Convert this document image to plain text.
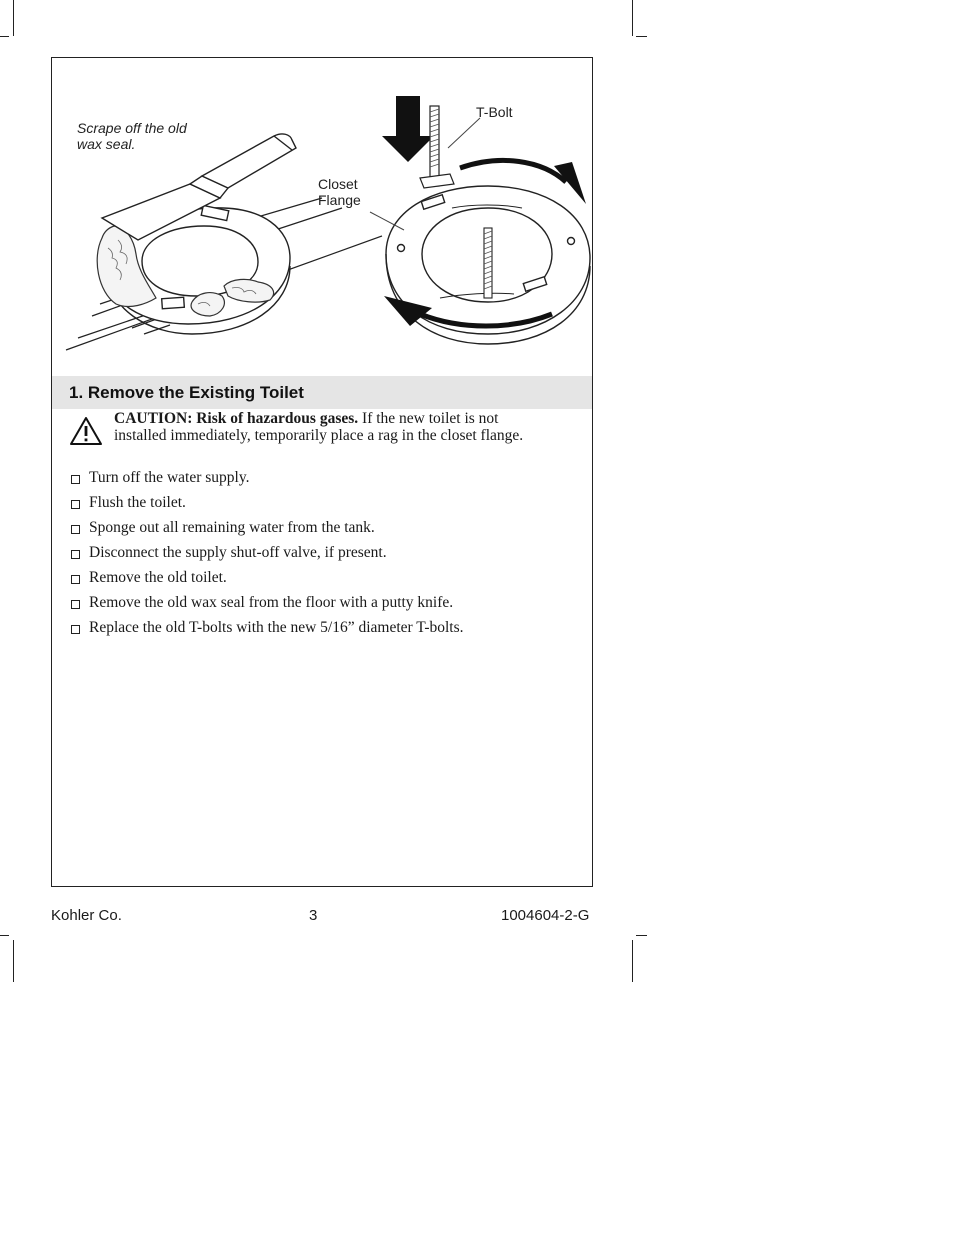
Scrape off the old
wax seal.
T-Bolt
Closet
Flange
1. Remove the Existing Toilet
CAUTION: Risk of hazardous gases. If the new toilet is not installed immediately, temporarily place a rag in the closet flange.
Turn off the water supply.
Flush the toilet.
Sponge out all remaining water from the tank.
Disconnect the supply shut-off valve, if present.
Remove the old toilet.
Remove the old wax seal from the floor with a putty knife.
Replace the old T-bolts with the new 5/16” diameter T-bolts.
Kohler Co.	3	1004604-2-G
